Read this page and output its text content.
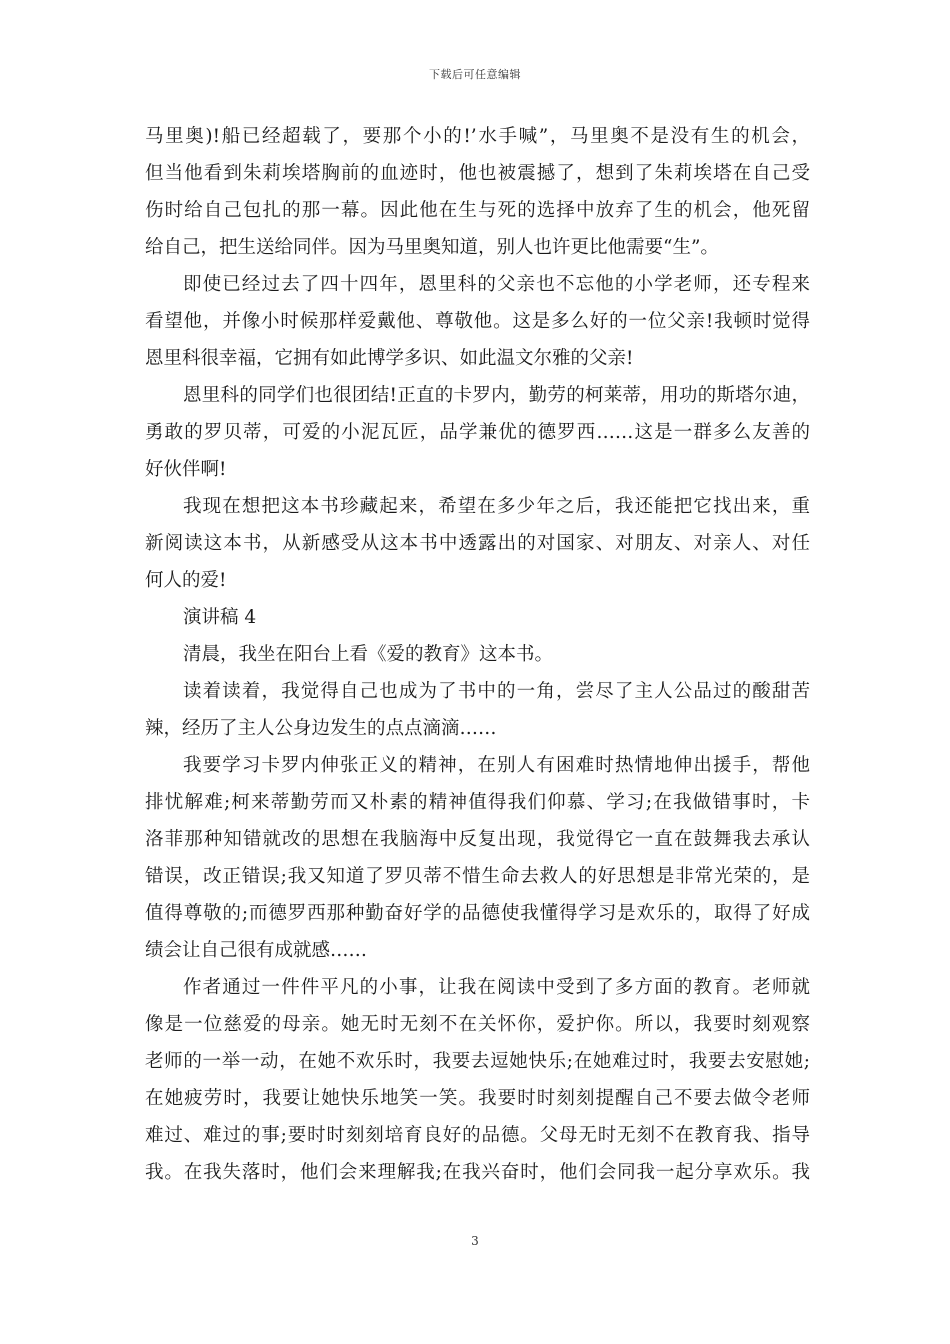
下载后可任意编辑
马里奥)!船已经超载了，要那个小的!’水手喊”，马里奥不是没有生的机会，
但当他看到朱莉埃塔胸前的血迹时，他也被震撼了，想到了朱莉埃塔在自己受
伤时给自己包扎的那一幕。因此他在生与死的选择中放弃了生的机会，他死留
给自己，把生送给同伴。因为马里奥知道，别人也许更比他需要“生”。
即使已经过去了四十四年，恩里科的父亲也不忘他的小学老师，还专程来
看望他，并像小时候那样爱戴他、尊敬他。这是多么好的一位父亲!我顿时觉得
恩里科很幸福，它拥有如此博学多识、如此温文尔雅的父亲!
恩里科的同学们也很团结!正直的卡罗内，勤劳的柯莱蒂，用功的斯塔尔迪，
勇敢的罗贝蒂，可爱的小泥瓦匠，品学兼优的德罗西……这是一群多么友善的
好伙伴啊!
我现在想把这本书珍藏起来，希望在多少年之后，我还能把它找出来，重
新阅读这本书，从新感受从这本书中透露出的对国家、对朋友、对亲人、对任
何人的爱!
演讲稿 4
清晨，我坐在阳台上看《爱的教育》这本书。
读着读着，我觉得自己也成为了书中的一角，尝尽了主人公品过的酸甜苦
辣，经历了主人公身边发生的点点滴滴……
我要学习卡罗内伸张正义的精神，在别人有困难时热情地伸出援手，帮他
排忧解难;柯来蒂勤劳而又朴素的精神值得我们仰慕、学习;在我做错事时，卡
洛菲那种知错就改的思想在我脑海中反复出现，我觉得它一直在鼓舞我去承认
错误，改正错误;我又知道了罗贝蒂不惜生命去救人的好思想是非常光荣的，是
值得尊敬的;而德罗西那种勤奋好学的品德使我懂得学习是欢乐的，取得了好成
绩会让自己很有成就感……
作者通过一件件平凡的小事，让我在阅读中受到了多方面的教育。老师就
像是一位慈爱的母亲。她无时无刻不在关怀你，爱护你。所以，我要时刻观察
老师的一举一动，在她不欢乐时，我要去逗她快乐;在她难过时，我要去安慰她;
在她疲劳时，我要让她快乐地笑一笑。我要时时刻刻提醒自己不要去做令老师
难过、难过的事;要时时刻刻培育良好的品德。父母无时无刻不在教育我、指导
我。在我失落时，他们会来理解我;在我兴奋时，他们会同我一起分享欢乐。我
3
